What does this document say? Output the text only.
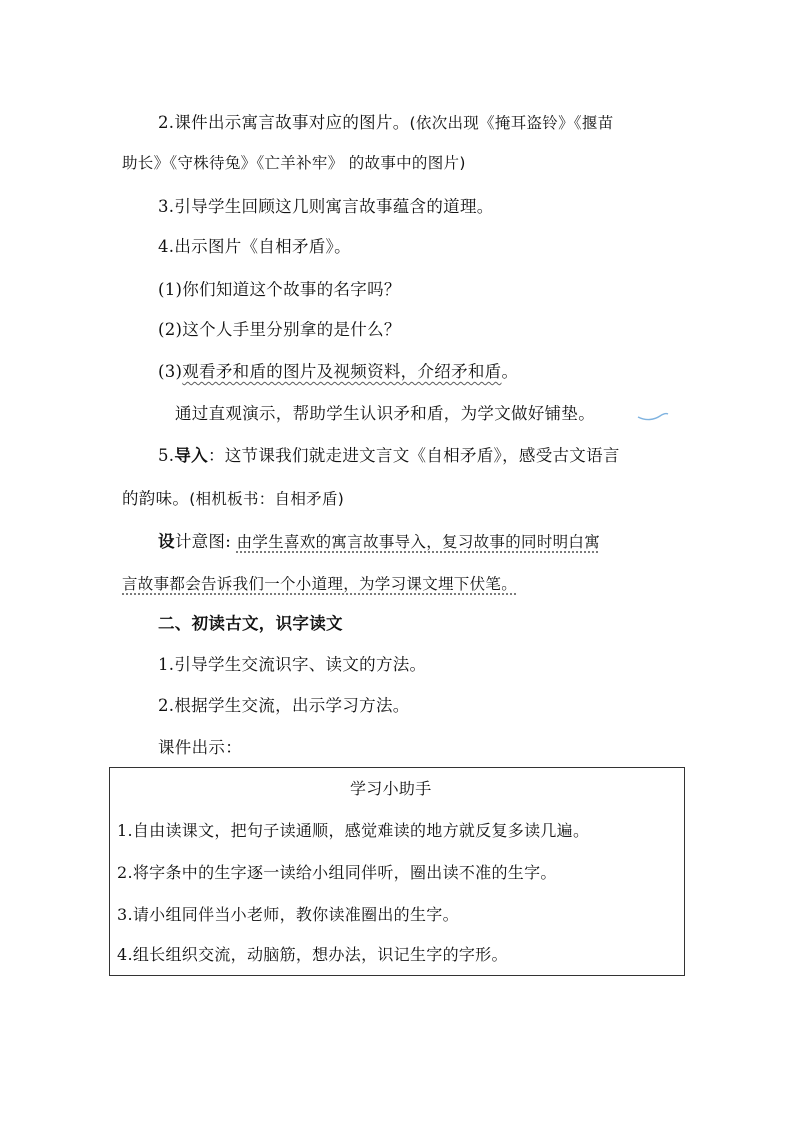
2.课件出示寓言故事对应的图片。(依次出现《掩耳盗铃》《揠苗
助长》《守株待兔》《亡羊补牢》 的故事中的图片)
3.引导学生回顾这几则寓言故事蕴含的道理。
4.出示图片《自相矛盾》。
(1)你们知道这个故事的名字吗？
(2)这个人手里分别拿的是什么？
(3)观看矛和盾的图片及视频资料，介绍矛和盾。
通过直观演示，帮助学生认识矛和盾，为学文做好铺垫。
5.导入：这节课我们就走进文言文《自相矛盾》，感受古文语言
的韵味。(相机板书：自相矛盾)
设计意图: 由学生喜欢的寓言故事导入，复习故事的同时明白寓
言故事都会告诉我们一个小道理，为学习课文埋下伏笔。
二、初读古文，识字读文
1.引导学生交流识字、读文的方法。
2.根据学生交流，出示学习方法。
课件出示：
学习小助手
1.自由读课文，把句子读通顺，感觉难读的地方就反复多读几遍。
2.将字条中的生字逐一读给小组同伴听，圈出读不准的生字。
3.请小组同伴当小老师，教你读准圈出的生字。
4.组长组织交流，动脑筋，想办法，识记生字的字形。
